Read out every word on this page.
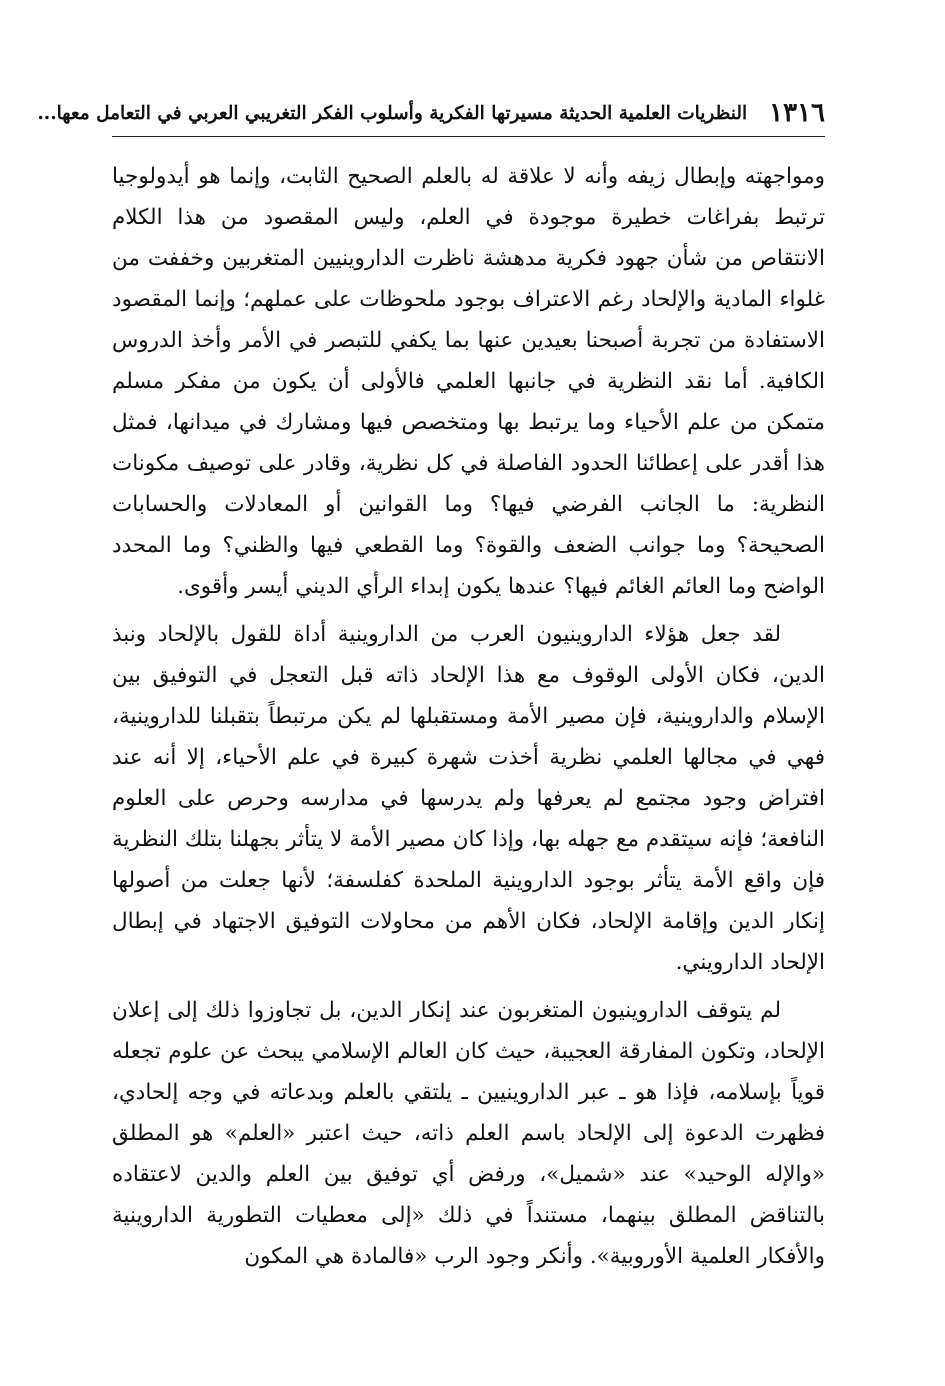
١٣١٦
النظريات العلمية الحديثة مسيرتها الفكرية وأسلوب الفكر التغريبي العربي في التعامل معها...

ومواجهته وإبطال زيفه وأنه لا علاقة له بالعلم الصحيح الثابت، وإنما هو أيدولوجيا ترتبط بفراغات خطيرة موجودة في العلم، وليس المقصود من هذا الكلام الانتقاص من شأن جهود فكرية مدهشة ناظرت الداروينيين المتغربين وخففت من غلواء المادية والإلحاد رغم الاعتراف بوجود ملحوظات على عملهم؛ وإنما المقصود الاستفادة من تجربة أصبحنا بعيدين عنها بما يكفي للتبصر في الأمر وأخذ الدروس الكافية. أما نقد النظرية في جانبها العلمي فالأولى أن يكون من مفكر مسلم متمكن من علم الأحياء وما يرتبط بها ومتخصص فيها ومشارك في ميدانها، فمثل هذا أقدر على إعطائنا الحدود الفاصلة في كل نظرية، وقادر على توصيف مكونات النظرية: ما الجانب الفرضي فيها؟ وما القوانين أو المعادلات والحسابات الصحيحة؟ وما جوانب الضعف والقوة؟ وما القطعي فيها والظني؟ وما المحدد الواضح وما العائم الغائم فيها؟ عندها يكون إبداء الرأي الديني أيسر وأقوى.

لقد جعل هؤلاء الداروينيون العرب من الداروينية أداة للقول بالإلحاد ونبذ الدين، فكان الأولى الوقوف مع هذا الإلحاد ذاته قبل التعجل في التوفيق بين الإسلام والداروينية، فإن مصير الأمة ومستقبلها لم يكن مرتبطاً بتقبلنا للداروينية، فهي في مجالها العلمي نظرية أخذت شهرة كبيرة في علم الأحياء، إلا أنه عند افتراض وجود مجتمع لم يعرفها ولم يدرسها في مدارسه وحرص على العلوم النافعة؛ فإنه سيتقدم مع جهله بها، وإذا كان مصير الأمة لا يتأثر بجهلنا بتلك النظرية فإن واقع الأمة يتأثر بوجود الداروينية الملحدة كفلسفة؛ لأنها جعلت من أصولها إنكار الدين وإقامة الإلحاد، فكان الأهم من محاولات التوفيق الاجتهاد في إبطال الإلحاد الدارويني.

لم يتوقف الداروينيون المتغربون عند إنكار الدين، بل تجاوزوا ذلك إلى إعلان الإلحاد، وتكون المفارقة العجيبة، حيث كان العالم الإسلامي يبحث عن علوم تجعله قوياً بإسلامه، فإذا هو ـ عبر الداروينيين ـ يلتقي بالعلم وبدعاته في وجه إلحادي، فظهرت الدعوة إلى الإلحاد باسم العلم ذاته، حيث اعتبر «العلم» هو المطلق «والإله الوحيد» عند «شميل»، ورفض أي توفيق بين العلم والدين لاعتقاده بالتناقض المطلق بينهما، مستنداً في ذلك «إلى معطيات التطورية الداروينية والأفكار العلمية الأوروبية». وأنكر وجود الرب «فالمادة هي المكون
